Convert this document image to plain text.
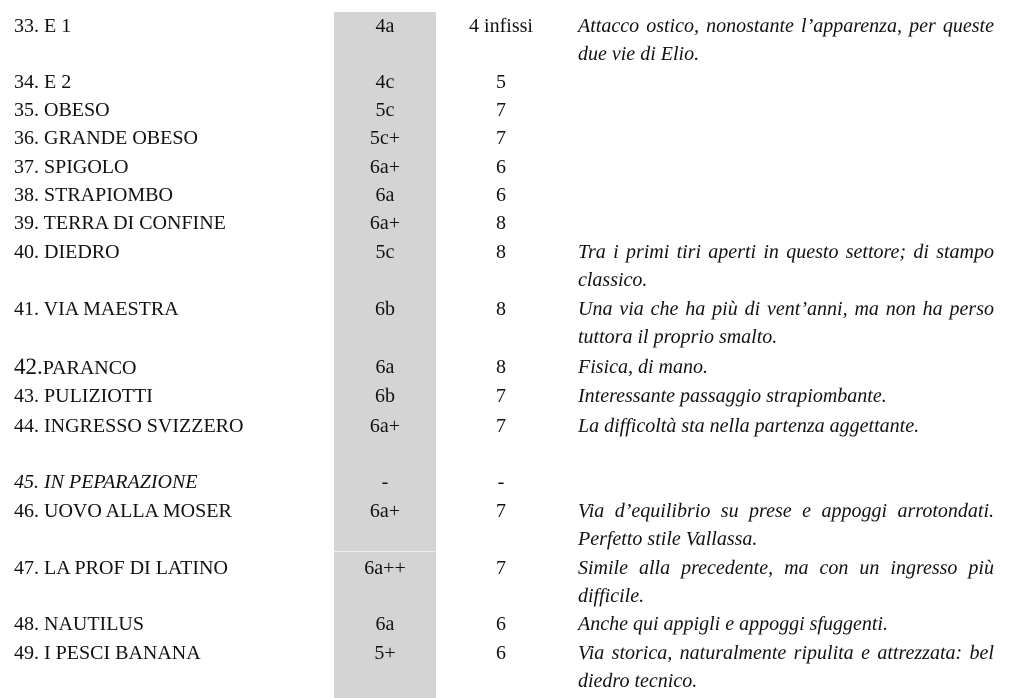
33. E 1	4a	4 infissi	Attacco ostico, nonostante l’apparenza, per queste due vie di Elio.
34. E 2	4c	5
35. OBESO	5c	7
36. GRANDE OBESO	5c+	7
37. SPIGOLO	6a+	6
38. STRAPIOMBO	6a	6
39. TERRA DI CONFINE	6a+	8
40. DIEDRO	5c	8	Tra i primi tiri aperti in questo settore; di stampo classico.
41. VIA MAESTRA	6b	8	Una via che ha più di vent’anni, ma non ha perso tuttora il proprio smalto.
42.PARANCO	6a	8	Fisica, di mano.
43. PULIZIOTTI	6b	7	Interessante passaggio strapiombante.
44. INGRESSO SVIZZERO	6a+	7	La difficoltà sta nella partenza aggettante.
45. IN PEPARAZIONE	-	-
46. UOVO ALLA MOSER	6a+	7	Via d’equilibrio su prese e appoggi arrotondati. Perfetto stile Vallassa.
47. LA PROF DI LATINO	6a++	7	Simile alla precedente, ma con un ingresso più difficile.
48. NAUTILUS	6a	6	Anche qui appigli e appoggi sfuggenti.
49. I PESCI BANANA	5+	6	Via storica, naturalmente ripulita e attrezzata: bel diedro tecnico.
